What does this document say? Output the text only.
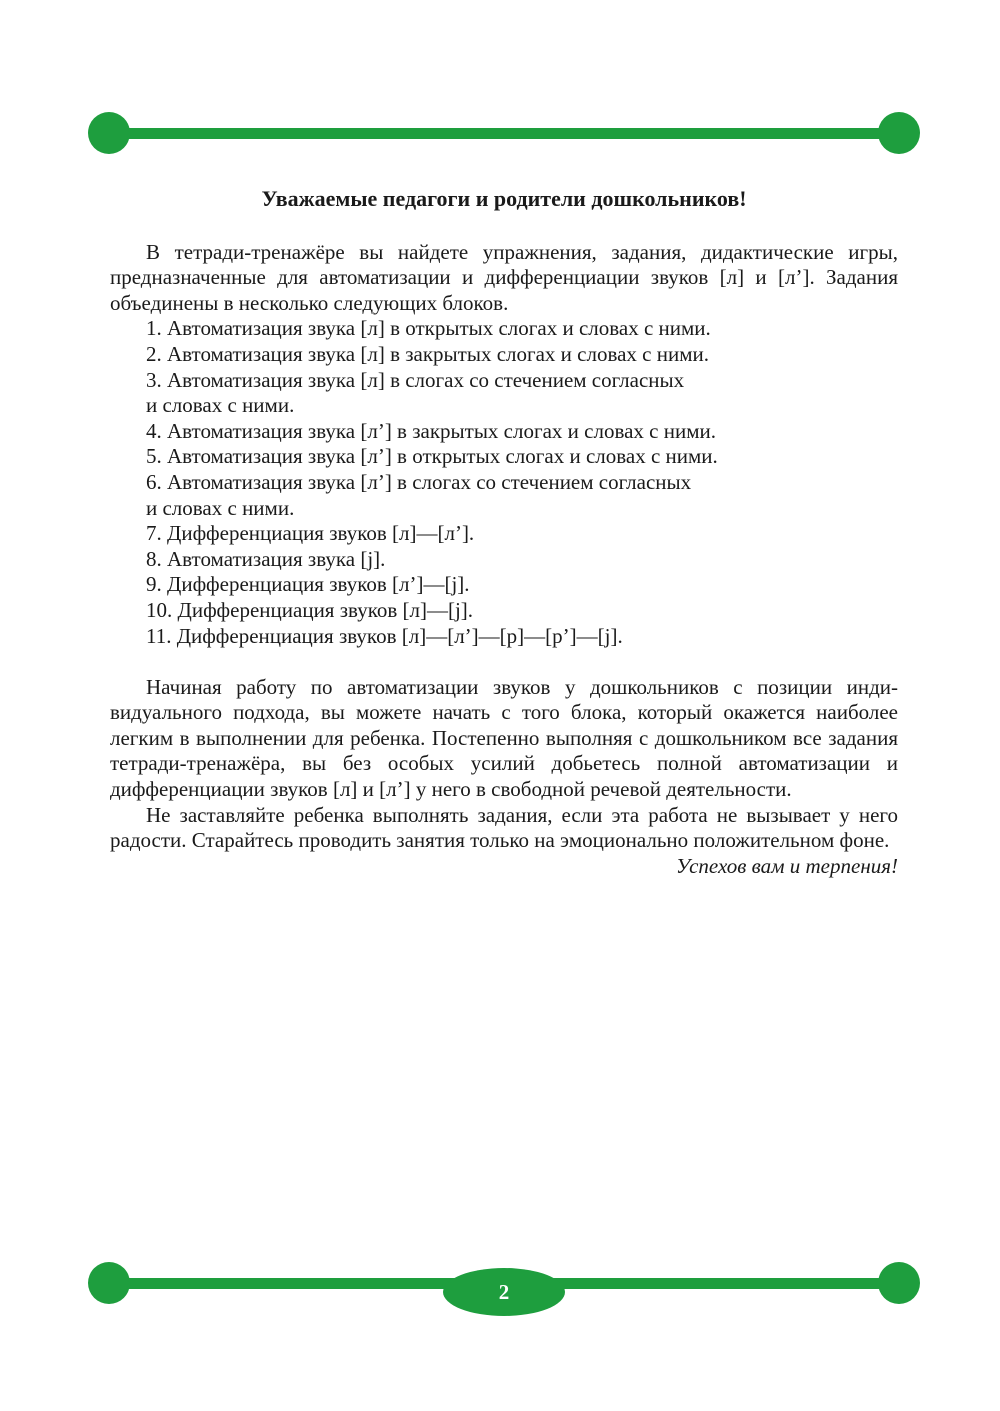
Уважаемые педагоги и родители дошкольников!

В тетради-тренажёре вы найдете упражнения, задания, дидактические игры, предназначенные для автоматизации и дифференциации звуков [л] и [л’]. Задания объединены в несколько следующих блоков.

1. Автоматизация звука [л] в открытых слогах и словах с ними.
2. Автоматизация звука [л] в закрытых слогах и словах с ними.
3. Автоматизация звука [л] в слогах со стечением согласных
и словах с ними.
4. Автоматизация звука [л’] в закрытых слогах и словах с ними.
5. Автоматизация звука [л’] в открытых слогах и словах с ними.
6. Автоматизация звука [л’] в слогах со стечением согласных
и словах с ними.
7. Дифференциация звуков [л]—[л’].
8. Автоматизация звука [j].
9. Дифференциация звуков [л’]—[j].
10. Дифференциация звуков [л]—[j].
11. Дифференциация звуков [л]—[л’]—[р]—[р’]—[j].

Начиная работу по автоматизации звуков у дошкольников с позиции индивидуального подхода, вы можете начать с того блока, который окажется наиболее легким в выполнении для ребенка. Постепенно выполняя с дошкольником все задания тетради-тренажёра, вы без особых усилий добьетесь полной автоматизации и дифференциации звуков [л] и [л’] у него в свободной речевой деятельности.

Не заставляйте ребенка выполнять задания, если эта работа не вызывает у него радости. Старайтесь проводить занятия только на эмоционально положительном фоне.

Успехов вам и терпения!

2
